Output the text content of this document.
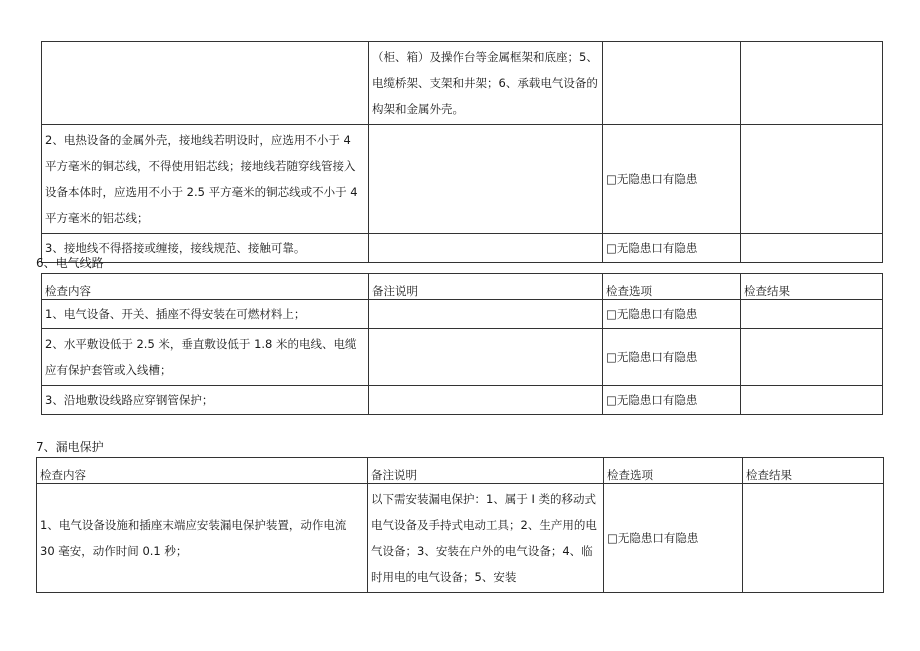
	（柜、箱）及操作台等金属框架和底座；5、电缆桥架、支架和井架；6、承载电气设备的构架和金属外壳。		
2、电热设备的金属外壳，接地线若明设时，应选用不小于 4 平方毫米的铜芯线，不得使用铝芯线；接地线若随穿线管接入设备本体时，应选用不小于 2.5 平方毫米的铜芯线或不小于 4 平方毫米的铝芯线；		□无隐患口有隐患	
3、接地线不得搭接或缠接，接线规范、接触可靠。		□无隐患口有隐患	
6、电气线路
检查内容	备注说明	检查选项	检查结果
1、电气设备、开关、插座不得安装在可燃材料上；		□无隐患口有隐患	
2、水平敷设低于 2.5 米，垂直敷设低于 1.8 米的电线、电缆应有保护套管或入线槽；		□无隐患口有隐患	
3、沿地敷设线路应穿钢管保护；		□无隐患口有隐患	
7、漏电保护
检查内容	备注说明	检查选项	检查结果
1、电气设备设施和插座末端应安装漏电保护装置，动作电流 30 毫安，动作时间 0.1 秒；	以下需安装漏电保护：1、属于 I 类的移动式电气设备及手持式电动工具；2、生产用的电气设备；3、安装在户外的电气设备；4、临时用电的电气设备；5、安装	□无隐患口有隐患	
